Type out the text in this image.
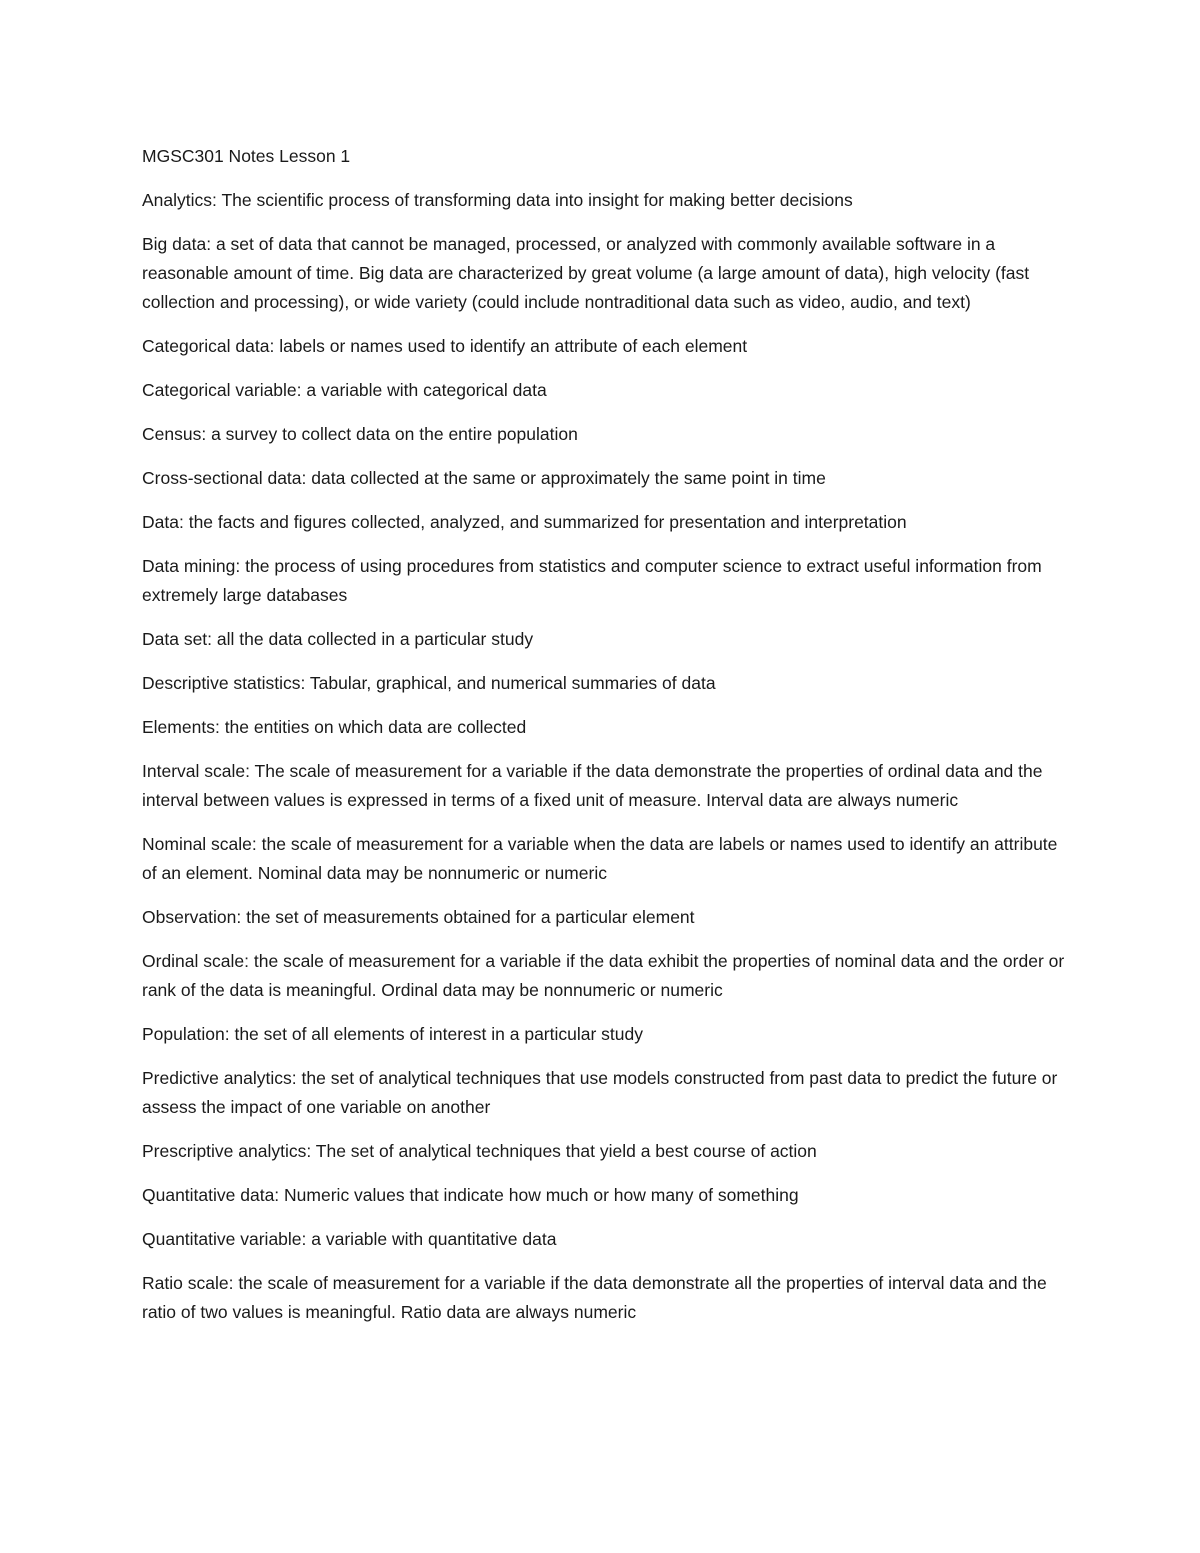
MGSC301 Notes Lesson 1

Analytics: The scientific process of transforming data into insight for making better decisions

Big data: a set of data that cannot be managed, processed, or analyzed with commonly available software in a reasonable amount of time. Big data are characterized by great volume (a large amount of data), high velocity (fast collection and processing), or wide variety (could include nontraditional data such as video, audio, and text)

Categorical data: labels or names used to identify an attribute of each element

Categorical variable: a variable with categorical data

Census: a survey to collect data on the entire population

Cross-sectional data: data collected at the same or approximately the same point in time

Data: the facts and figures collected, analyzed, and summarized for presentation and interpretation

Data mining: the process of using procedures from statistics and computer science to extract useful information from extremely large databases

Data set: all the data collected in a particular study

Descriptive statistics: Tabular, graphical, and numerical summaries of data

Elements: the entities on which data are collected

Interval scale: The scale of measurement for a variable if the data demonstrate the properties of ordinal data and the interval between values is expressed in terms of a fixed unit of measure. Interval data are always numeric

Nominal scale: the scale of measurement for a variable when the data are labels or names used to identify an attribute of an element. Nominal data may be nonnumeric or numeric

Observation: the set of measurements obtained for a particular element

Ordinal scale: the scale of measurement for a variable if the data exhibit the properties of nominal data and the order or rank of the data is meaningful. Ordinal data may be nonnumeric or numeric

Population: the set of all elements of interest in a particular study

Predictive analytics: the set of analytical techniques that use models constructed from past data to predict the future or assess the impact of one variable on another

Prescriptive analytics: The set of analytical techniques that yield a best course of action

Quantitative data: Numeric values that indicate how much or how many of something

Quantitative variable: a variable with quantitative data

Ratio scale: the scale of measurement for a variable if the data demonstrate all the properties of interval data and the ratio of two values is meaningful. Ratio data are always numeric
